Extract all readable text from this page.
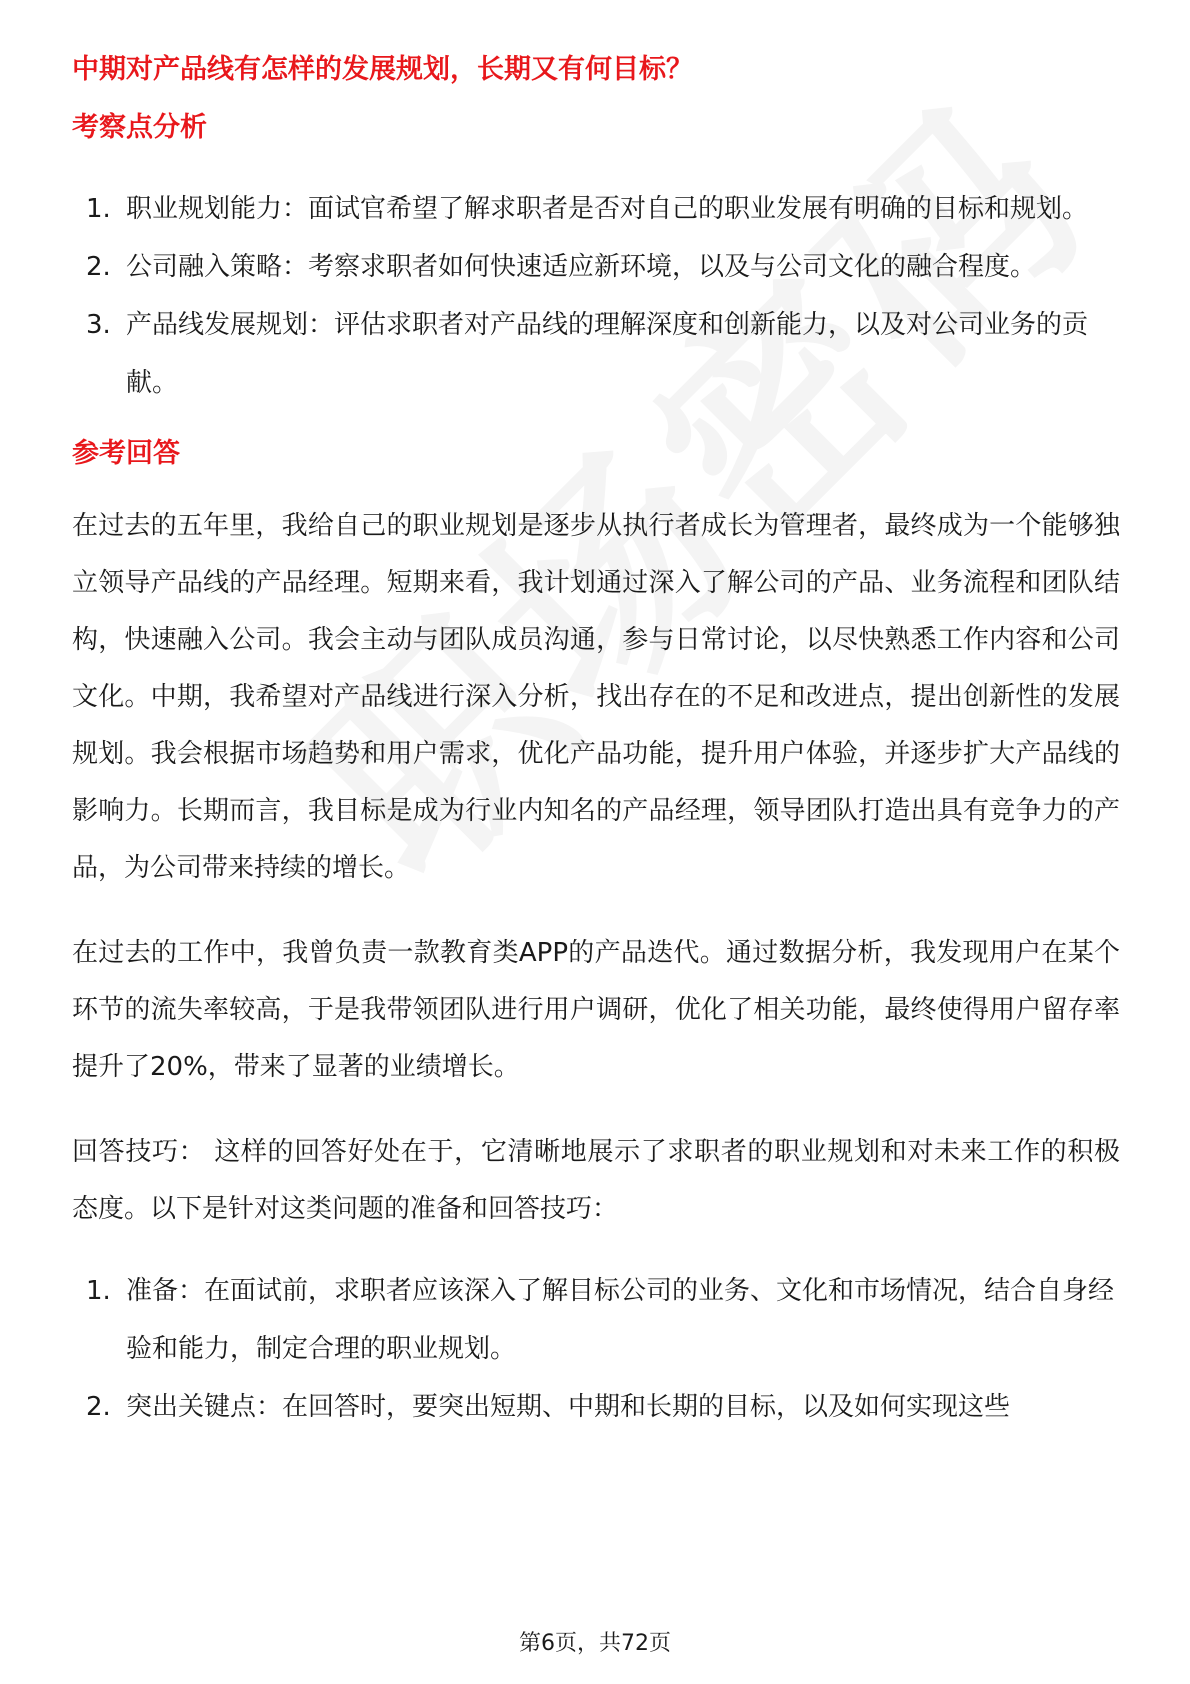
中期对产品线有怎样的发展规划，长期又有何目标？

考察点分析

1. 职业规划能力：面试官希望了解求职者是否对自己的职业发展有明确的目标和规划。
2. 公司融入策略：考察求职者如何快速适应新环境，以及与公司文化的融合程度。
3. 产品线发展规划：评估求职者对产品线的理解深度和创新能力，以及对公司业务的贡献。

参考回答

在过去的五年里，我给自己的职业规划是逐步从执行者成长为管理者，最终成为一个能够独立领导产品线的产品经理。短期来看，我计划通过深入了解公司的产品、业务流程和团队结构，快速融入公司。我会主动与团队成员沟通，参与日常讨论，以尽快熟悉工作内容和公司文化。中期，我希望对产品线进行深入分析，找出存在的不足和改进点，提出创新性的发展规划。我会根据市场趋势和用户需求，优化产品功能，提升用户体验，并逐步扩大产品线的影响力。长期而言，我目标是成为行业内知名的产品经理，领导团队打造出具有竞争力的产品，为公司带来持续的增长。

在过去的工作中，我曾负责一款教育类APP的产品迭代。通过数据分析，我发现用户在某个环节的流失率较高，于是我带领团队进行用户调研，优化了相关功能，最终使得用户留存率提升了20%，带来了显著的业绩增长。

回答技巧： 这样的回答好处在于，它清晰地展示了求职者的职业规划和对未来工作的积极态度。以下是针对这类问题的准备和回答技巧：

1. 准备：在面试前，求职者应该深入了解目标公司的业务、文化和市场情况，结合自身经验和能力，制定合理的职业规划。
2. 突出关键点：在回答时，要突出短期、中期和长期的目标，以及如何实现这些
第6页，共72页
